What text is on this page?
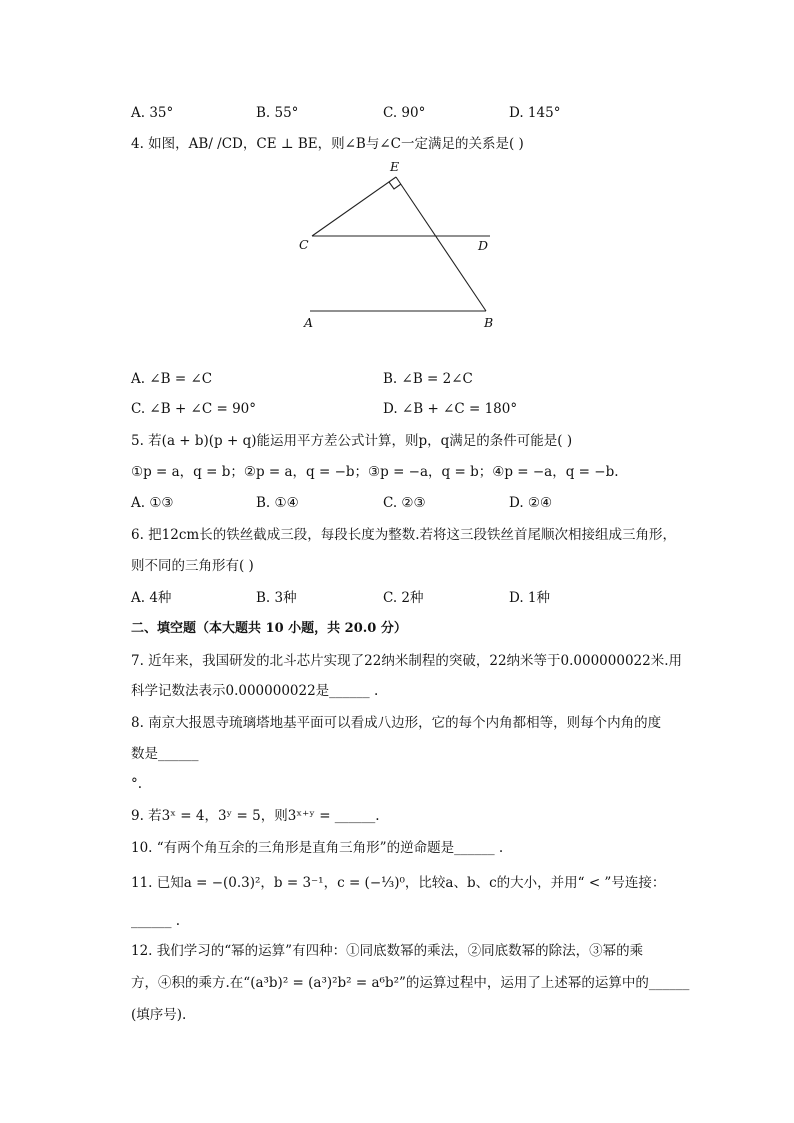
A. 35°	B. 55°	C. 90°	D. 145°
4. 如图，AB/ /CD，CE ⊥ BE，则∠B与∠C一定满足的关系是( )
E
C	D
A	B
A. ∠B = ∠C	B. ∠B = 2∠C
C. ∠B + ∠C = 90°	D. ∠B + ∠C = 180°
5. 若(a + b)(p + q)能运用平方差公式计算，则p，q满足的条件可能是( )
①p = a，q = b；②p = a，q = −b；③p = −a，q = b；④p = −a，q = −b.
A. ①③	B. ①④	C. ②③	D. ②④
6. 把12cm长的铁丝截成三段，每段长度为整数.若将这三段铁丝首尾顺次相接组成三角形，
则不同的三角形有( )
A. 4种	B. 3种	C. 2种	D. 1种
二、填空题（本大题共 10 小题，共 20.0 分）
7. 近年来，我国研发的北斗芯片实现了22纳米制程的突破，22纳米等于0.000000022米.用
科学记数法表示0.000000022是______ .
8. 南京大报恩寺琉璃塔地基平面可以看成八边形，它的每个内角都相等，则每个内角的度
数是______
°.
9. 若3ˣ = 4，3ʸ = 5，则3ˣ⁺ʸ = ______.
10. “有两个角互余的三角形是直角三角形”的逆命题是______ .
11. 已知a = −(0.3)²，b = 3⁻¹，c = (−⅓)⁰，比较a、b、c的大小，并用“ < ”号连接：
______ .
12. 我们学习的“幂的运算”有四种：①同底数幂的乘法，②同底数幂的除法，③幂的乘
方，④积的乘方.在“(a³b)² = (a³)²b² = a⁶b²”的运算过程中，运用了上述幂的运算中的______
(填序号).
